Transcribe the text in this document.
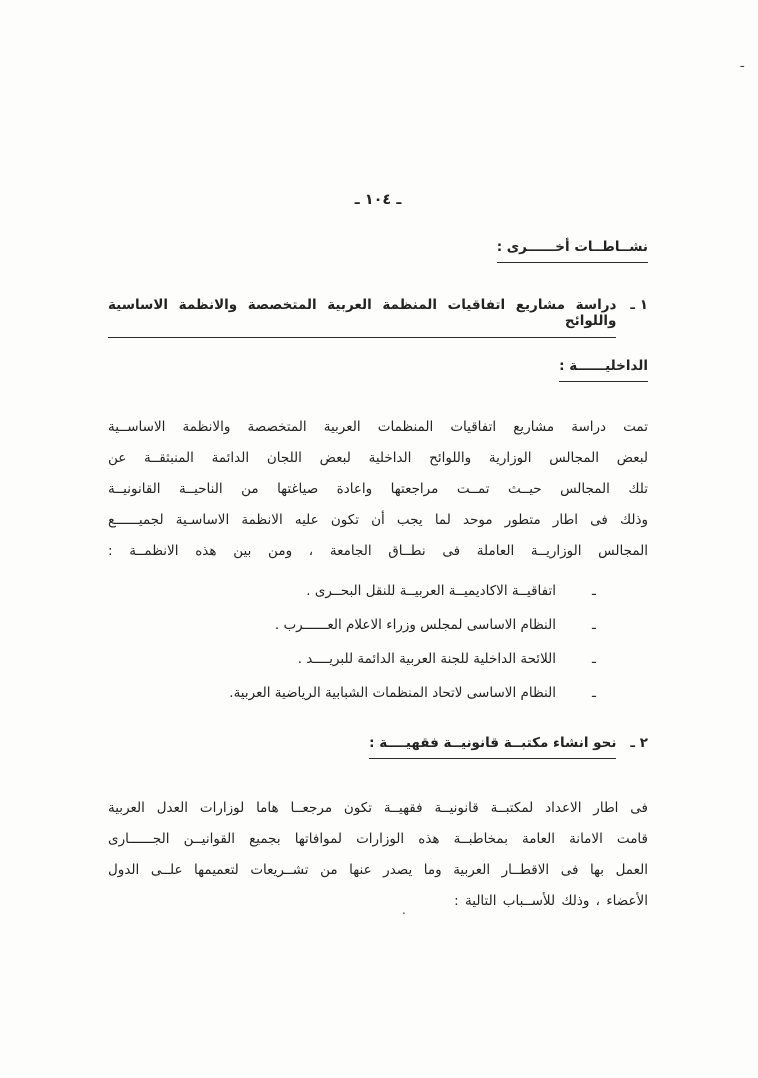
ـ
ـ ١٠٤ ـ
نشــاطــات أخــــــرى :
١ ـ
دراسة مشاريع اتفاقيات المنظمة العربية المتخصصة والانظمة الاساسية واللوائح
الداخليــــــة :
تمت دراسة مشاريع اتفاقيات المنظمات العربية المتخصصة والانظمة الاساســية
لبعض المجالس الوزارية واللوائح الداخلية لبعض اللجان الدائمة المنبثقــة عن
تلك المجالس حيــث تمــت مراجعتها واعادة صياغتها من الناحيــة القانونيــة
وذلك فى اطار متطور موحد لما يجب أن تكون عليه الانظمة الاساسـية لجميــــــع
المجالس الوزاريــة العاملة فى نطــاق الجامعة ، ومن بين هذه الانظمــة :
ـ
اتفاقيــة الاكاديميــة العربيــة للنقل البحــرى .
ـ
النظام الاساسى لمجلس وزراء الاعلام العــــــرب .
ـ
اللائحة الداخلية للجنة العربية الدائمة للبريــــد .
ـ
النظام الاساسى لاتحاد المنظمات الشبابية الرياضية العربية.
٢ ـ
نحو انشاء مكتبــة قانونيــة فقهيــــة :
فى اطار الاعداد لمكتبــة قانونيــة فقهيــة تكون مرجعــا هاما لوزارات العدل العربية
قامت الامانة العامة بمخاطبــة هذه الوزارات لموافاتها بجميع القوانيــن الجــــــارى
العمل بها فى الاقطــار العربية وما يصدر عنها من تشــريعات لتعميمها علــى الدول
الأعضاء ، وذلك للأســباب التالية :
.
